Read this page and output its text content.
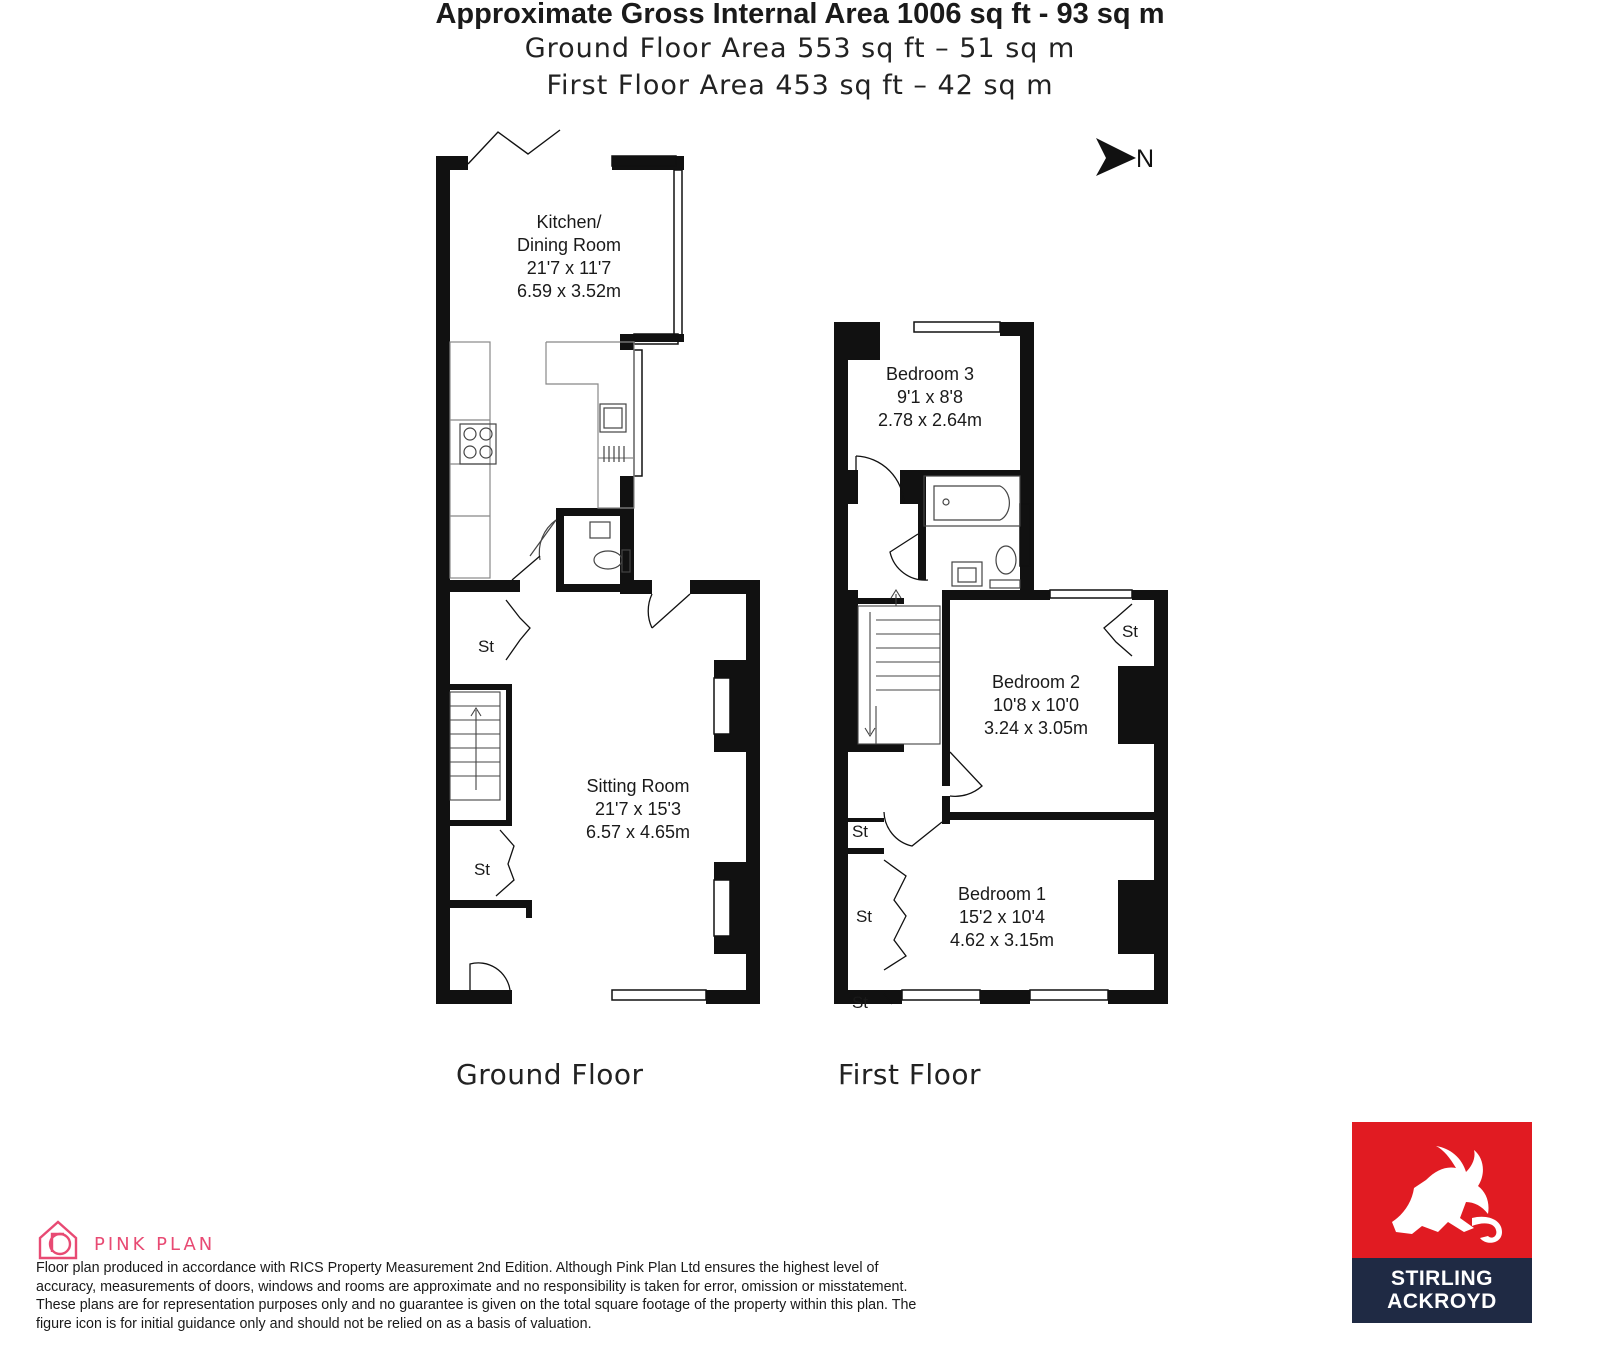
Approximate Gross Internal Area 1006 sq ft - 93 sq m
Ground Floor Area 553 sq ft – 51 sq m
First Floor Area 453 sq ft – 42 sq m
Kitchen/
Dining Room
21'7 x 11'7
6.59 x 3.52m
Sitting Room
21'7 x 15'3
6.57 x 4.65m
St
St
Bedroom 3
9'1 x 8'8
2.78 x 2.64m
Bedroom 2
10'8 x 10'0
3.24 x 3.05m
Bedroom 1
15'2 x 10'4
4.62 x 3.15m
St
St
St
St
N
Ground Floor	First Floor
PINK PLAN
Floor plan produced in accordance with RICS Property Measurement 2nd Edition. Although Pink Plan Ltd ensures the highest level of accuracy, measurements of doors, windows and rooms are approximate and no responsibility is taken for error, omission or misstatement. These plans are for representation purposes only and no guarantee is given on the total square footage of the property within this plan. The figure icon is for initial guidance only and should not be relied on as a basis of valuation.
STIRLING
ACKROYD
